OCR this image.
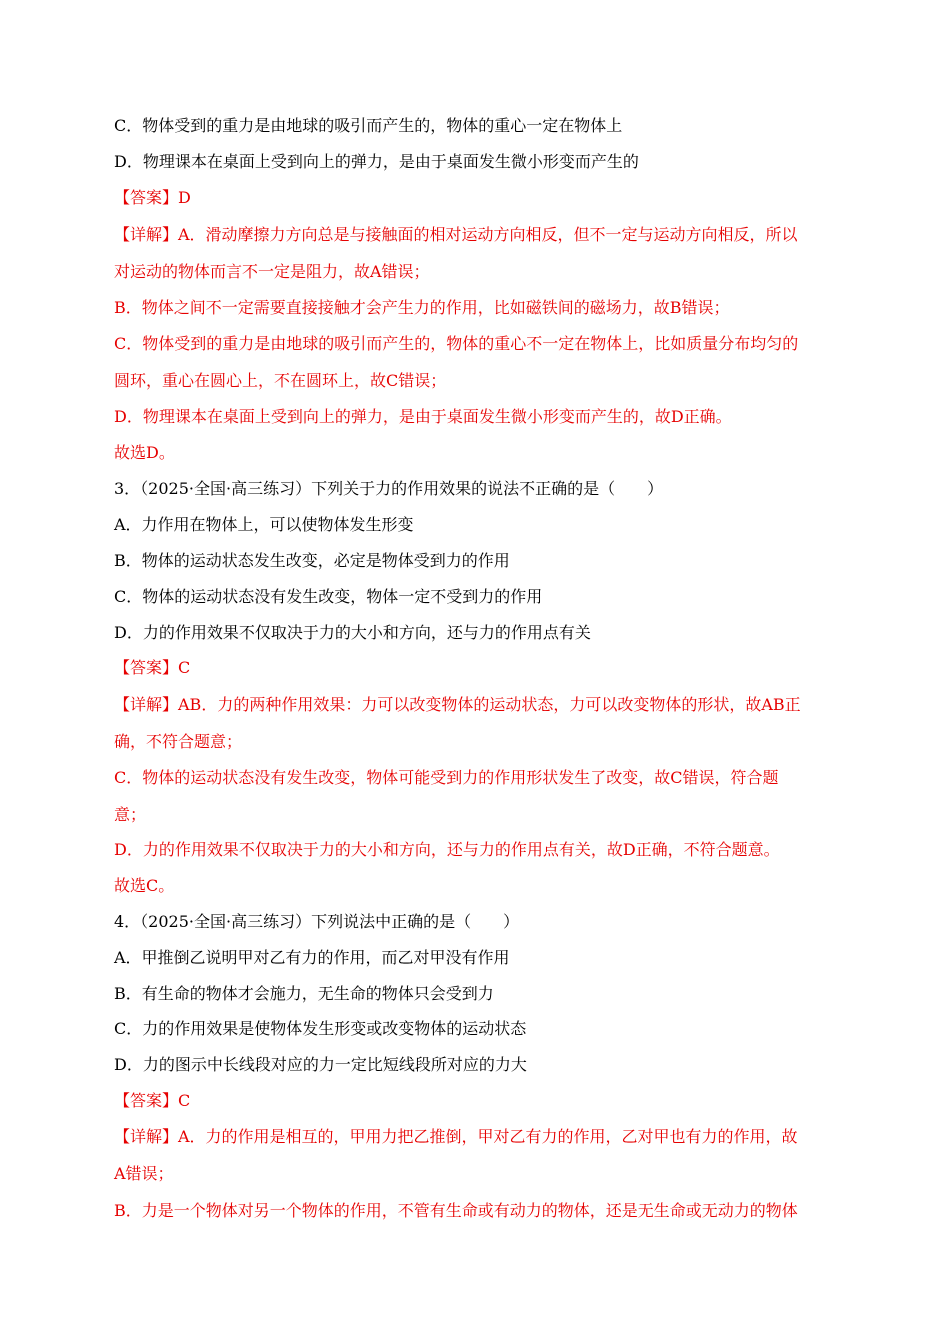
C．物体受到的重力是由地球的吸引而产生的，物体的重心一定在物体上
D．物理课本在桌面上受到向上的弹力，是由于桌面发生微小形变而产生的
【答案】D
【详解】A．滑动摩擦力方向总是与接触面的相对运动方向相反，但不一定与运动方向相反，所以
对运动的物体而言不一定是阻力，故A错误；
B．物体之间不一定需要直接接触才会产生力的作用，比如磁铁间的磁场力，故B错误；
C．物体受到的重力是由地球的吸引而产生的，物体的重心不一定在物体上，比如质量分布均匀的
圆环，重心在圆心上，不在圆环上，故C错误；
D．物理课本在桌面上受到向上的弹力，是由于桌面发生微小形变而产生的，故D正确。
故选D。
3．（2025·全国·高三练习）下列关于力的作用效果的说法不正确的是（　　）
A．力作用在物体上，可以使物体发生形变
B．物体的运动状态发生改变，必定是物体受到力的作用
C．物体的运动状态没有发生改变，物体一定不受到力的作用
D．力的作用效果不仅取决于力的大小和方向，还与力的作用点有关
【答案】C
【详解】AB．力的两种作用效果：力可以改变物体的运动状态，力可以改变物体的形状，故AB正
确，不符合题意；
C．物体的运动状态没有发生改变，物体可能受到力的作用形状发生了改变，故C错误，符合题
意；
D．力的作用效果不仅取决于力的大小和方向，还与力的作用点有关，故D正确，不符合题意。
故选C。
4．（2025·全国·高三练习）下列说法中正确的是（　　）
A．甲推倒乙说明甲对乙有力的作用，而乙对甲没有作用
B．有生命的物体才会施力，无生命的物体只会受到力
C．力的作用效果是使物体发生形变或改变物体的运动状态
D．力的图示中长线段对应的力一定比短线段所对应的力大
【答案】C
【详解】A．力的作用是相互的，甲用力把乙推倒，甲对乙有力的作用，乙对甲也有力的作用，故
A错误；
B．力是一个物体对另一个物体的作用，不管有生命或有动力的物体，还是无生命或无动力的物体
